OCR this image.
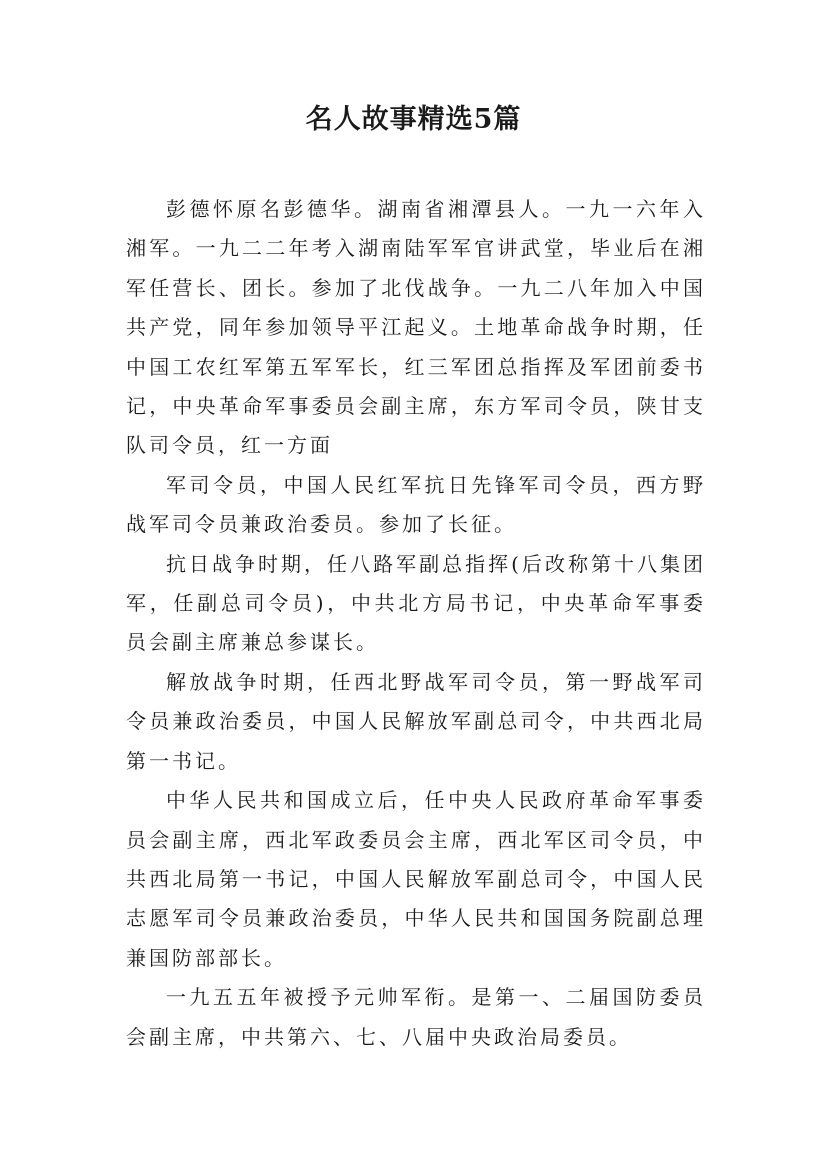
名人故事精选5篇

彭德怀原名彭德华。湖南省湘潭县人。一九一六年入湘军。一九二二年考入湖南陆军军官讲武堂，毕业后在湘军任营长、团长。参加了北伐战争。一九二八年加入中国共产党，同年参加领导平江起义。土地革命战争时期，任中国工农红军第五军军长，红三军团总指挥及军团前委书记，中央革命军事委员会副主席，东方军司令员，陕甘支队司令员，红一方面

军司令员，中国人民红军抗日先锋军司令员，西方野战军司令员兼政治委员。参加了长征。

抗日战争时期，任八路军副总指挥(后改称第十八集团军，任副总司令员)，中共北方局书记，中央革命军事委员会副主席兼总参谋长。

解放战争时期，任西北野战军司令员，第一野战军司令员兼政治委员，中国人民解放军副总司令，中共西北局第一书记。

中华人民共和国成立后，任中央人民政府革命军事委员会副主席，西北军政委员会主席，西北军区司令员，中共西北局第一书记，中国人民解放军副总司令，中国人民志愿军司令员兼政治委员，中华人民共和国国务院副总理兼国防部部长。

一九五五年被授予元帅军衔。是第一、二届国防委员会副主席，中共第六、七、八届中央政治局委员。
